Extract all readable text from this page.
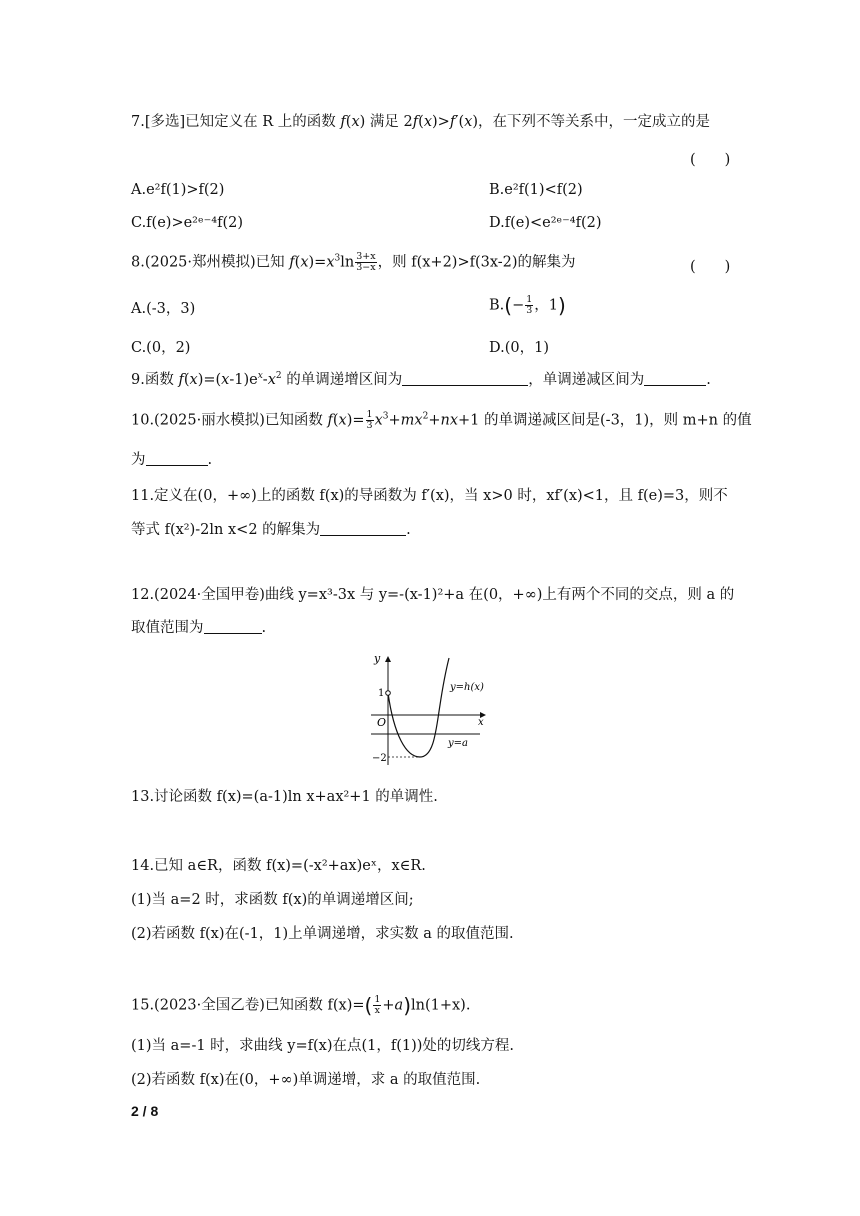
7.[多选]已知定义在 R 上的函数 f(x) 满足 2f(x)>f′(x)，在下列不等关系中，一定成立的是
(　　)
A.e²f(1)>f(2)	B.e²f(1)<f(2)
C.f(e)>e²ᵉ⁻⁴f(2)	D.f(e)<e²ᵉ⁻⁴f(2)
8.(2025·郑州模拟)已知 $f(x)=x^3\ln \frac{3+x}{3-x}$ ，则 f(x+2)>f(3x-2)的解集为	(　　)
A.(-3，3)	$B.(- \frac{1}{3}$ ，1)
C.(0，2)	D.(0，1)
9.函数 $f(x)=(x-1)e^x-x^2$ 的单调递增区间为	，单调递减区间为	.
10.(2025·丽水模拟)已知函数 $f(x)= \frac{1}{3} x^3+mx^2+nx+1$ 的单调递减区间是(-3，1)，则 m+n 的值
为	.
11.定义在(0，+∞)上的函数 f(x)的导函数为 f′(x)，当 x>0 时，xf′(x)<1，且 f(e)=3，则不
等式 f(x²)-2ln x<2 的解集为	.
12.(2024·全国甲卷)曲线 y=x³-3x 与 y=-(x-1)²+a 在(0，+∞)上有两个不同的交点，则 a 的
取值范围为	.
y
x
O
1
−2
y=h(x)
y=a
13.讨论函数 f(x)=(a-1)ln x+ax²+1 的单调性.
14.已知 a∈R，函数 f(x)=(-x²+ax)eˣ，x∈R.
(1)当 a=2 时，求函数 f(x)的单调递增区间;
(2)若函数 f(x)在(-1，1)上单调递增，求实数 a 的取值范围.
15.(2023·全国乙卷)已知函数 $f(x)=( \frac{1}{x} +a)\ln(1+x)$.
(1)当 a=-1 时，求曲线 y=f(x)在点(1，f(1))处的切线方程.
(2)若函数 f(x)在(0，+∞)单调递增，求 a 的取值范围.
2 / 8
